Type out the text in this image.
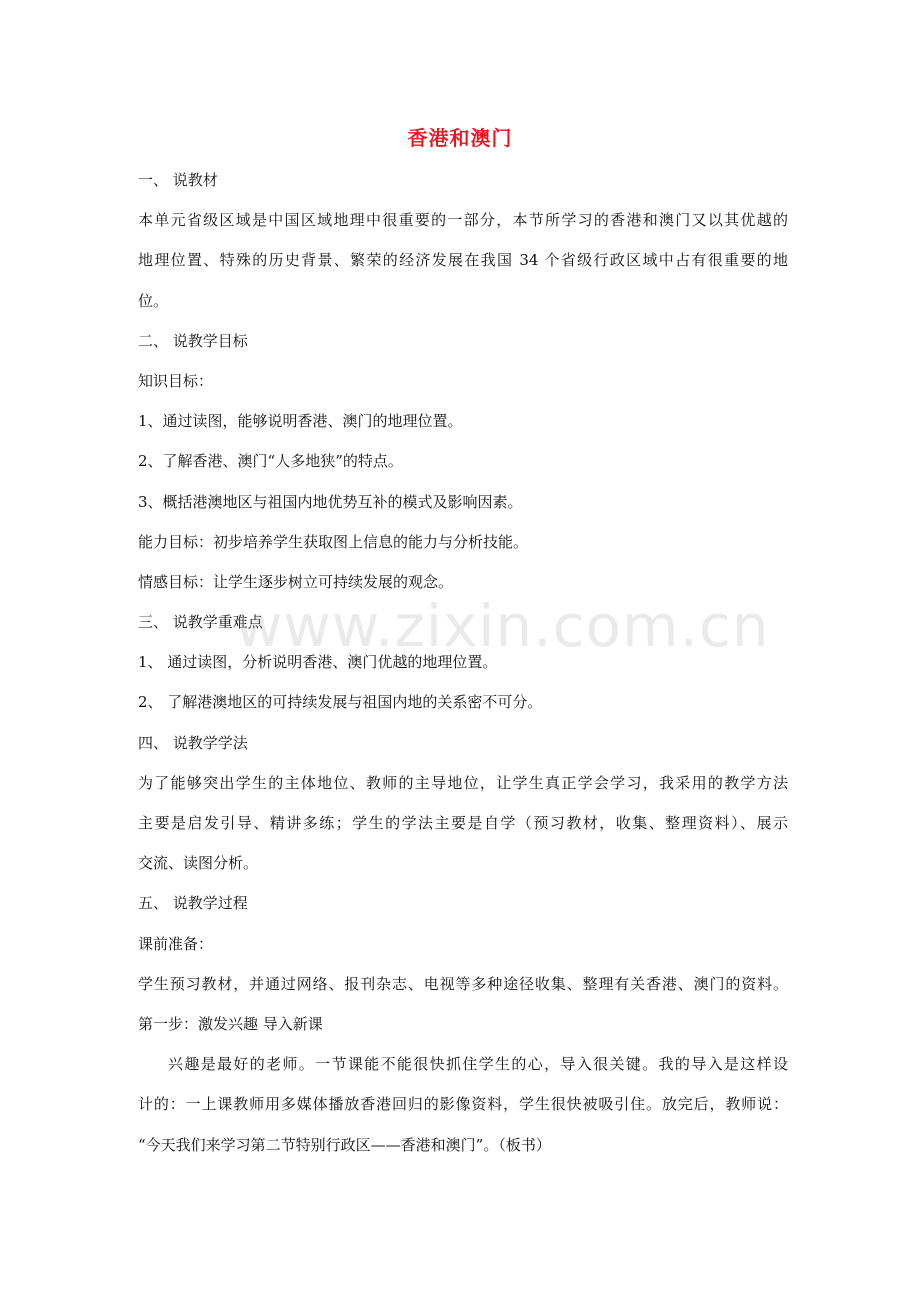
香港和澳门
一、 说教材
本单元省级区域是中国区域地理中很重要的一部分，本节所学习的香港和澳门又以其优越的
地理位置、特殊的历史背景、繁荣的经济发展在我国 34 个省级行政区域中占有很重要的地
位。
二、 说教学目标
知识目标：
1、通过读图，能够说明香港、澳门的地理位置。
2、了解香港、澳门“人多地狭”的特点。
3、概括港澳地区与祖国内地优势互补的模式及影响因素。
能力目标：初步培养学生获取图上信息的能力与分析技能。
情感目标：让学生逐步树立可持续发展的观念。
三、 说教学重难点
1、 通过读图，分析说明香港、澳门优越的地理位置。
2、 了解港澳地区的可持续发展与祖国内地的关系密不可分。
四、 说教学学法
为了能够突出学生的主体地位、教师的主导地位，让学生真正学会学习，我采用的教学方法
主要是启发引导、精讲多练；学生的学法主要是自学（预习教材，收集、整理资料）、展示
交流、读图分析。
五、 说教学过程
课前准备：
学生预习教材，并通过网络、报刊杂志、电视等多种途径收集、整理有关香港、澳门的资料。
第一步：激发兴趣 导入新课
兴趣是最好的老师。一节课能不能很快抓住学生的心，导入很关键。我的导入是这样设
计的：一上课教师用多媒体播放香港回归的影像资料，学生很快被吸引住。放完后，教师说：
“今天我们来学习第二节特别行政区——香港和澳门”。（板书）
www.zixin.com.cn
